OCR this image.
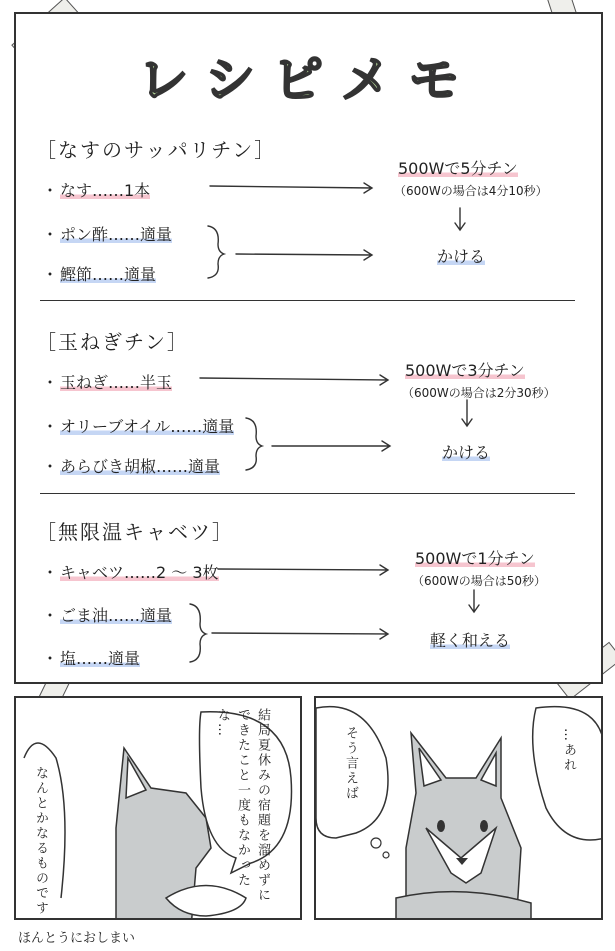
レシピメモ
［なすのサッパリチン］
・ なす……1本
・ ポン酢……適量
・ 鰹節……適量
500Wで5分チン
（600Wの場合は4分10秒）
かける
［玉ねぎチン］
・ 玉ねぎ……半玉
・ オリーブオイル……適量
・ あらびき胡椒……適量
500Wで3分チン
（600Wの場合は2分30秒）
かける
［無限温キャベツ］
・ キャベツ……2 ～ 3枚
・ ごま油……適量
・ 塩……適量
500Wで1分チン
（600Wの場合は50秒）
軽く和える
結局夏休みの宿題を溜めずにできたこと一度もなかったな…
なんとかなるものです
そう言えば	…あれ
ほんとうにおしまい
